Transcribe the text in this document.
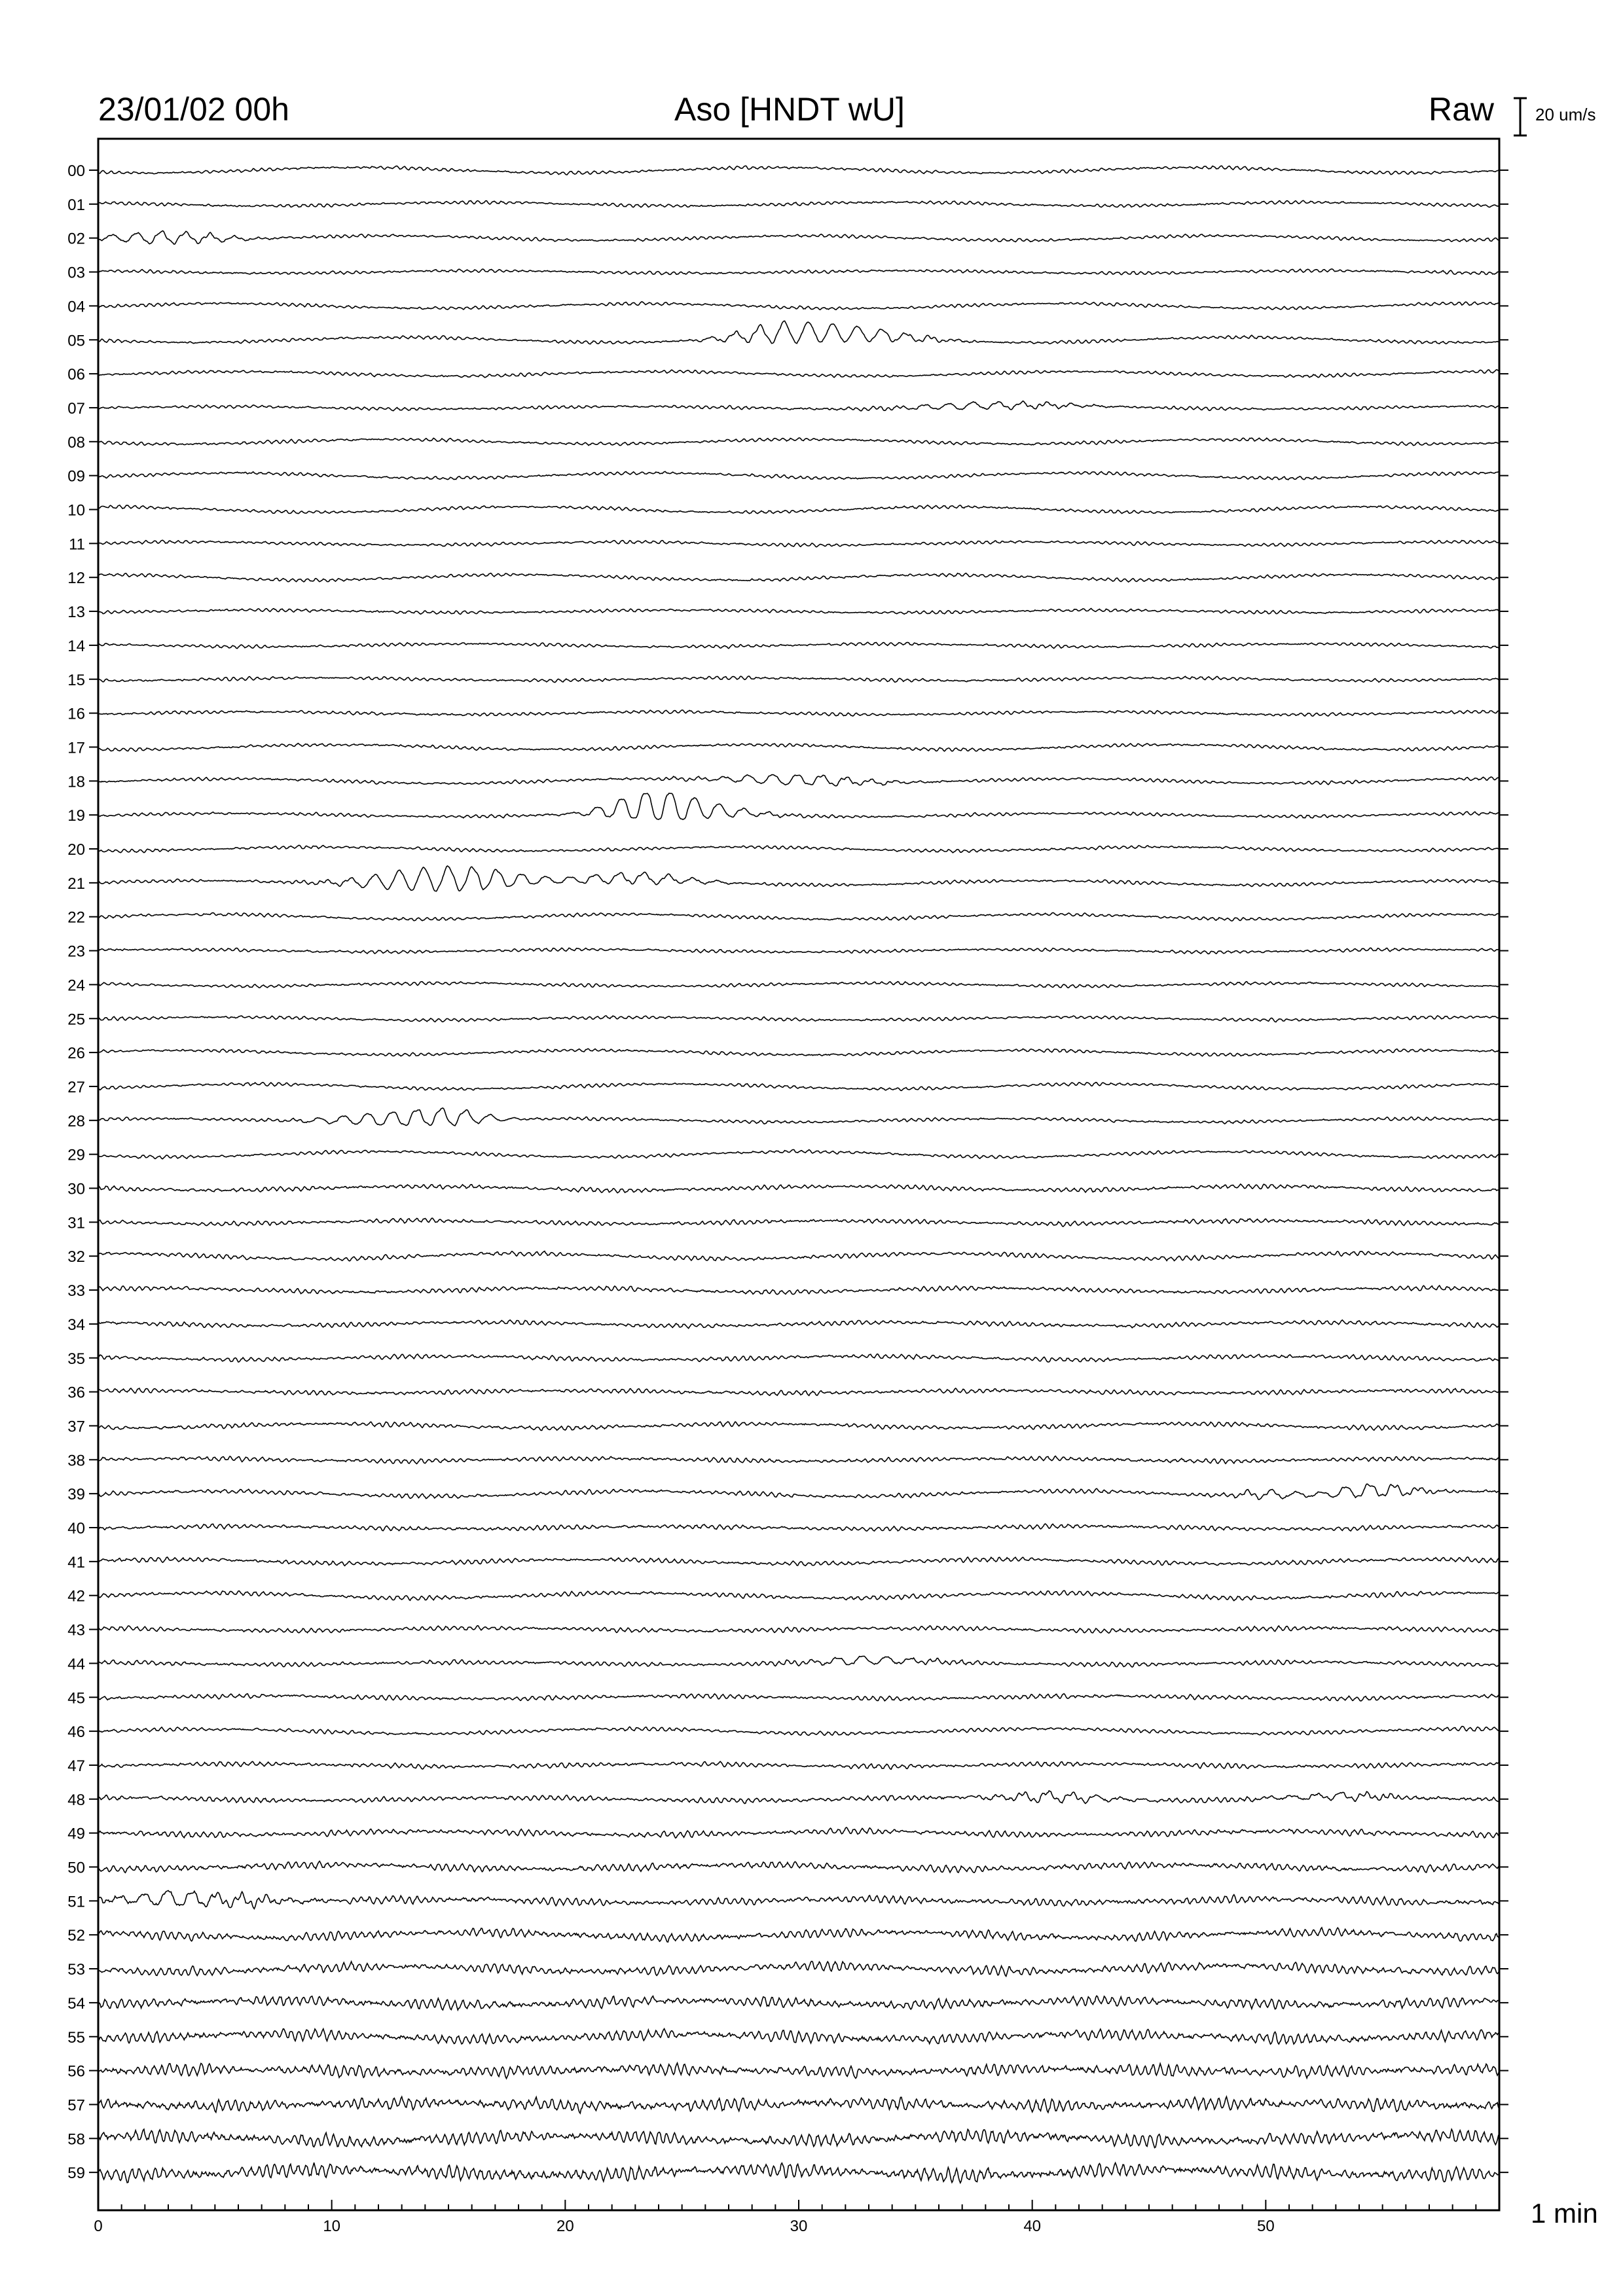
23/01/02 00h	Aso [HNDT wU]	Raw 20 um/s
1 min
00
01
02
03
04
05
06
07
08
09
10
11
12
13
14
15
16
17
18
19
20
21
22
23
24
25
26
27
28
29
30
31
32
33
34
35
36
37
38
39
40
41
42
43
44
45
46
47
48
49
50
51
52
53
54
55
56
57
58
59
0	10	20	30	40	50
